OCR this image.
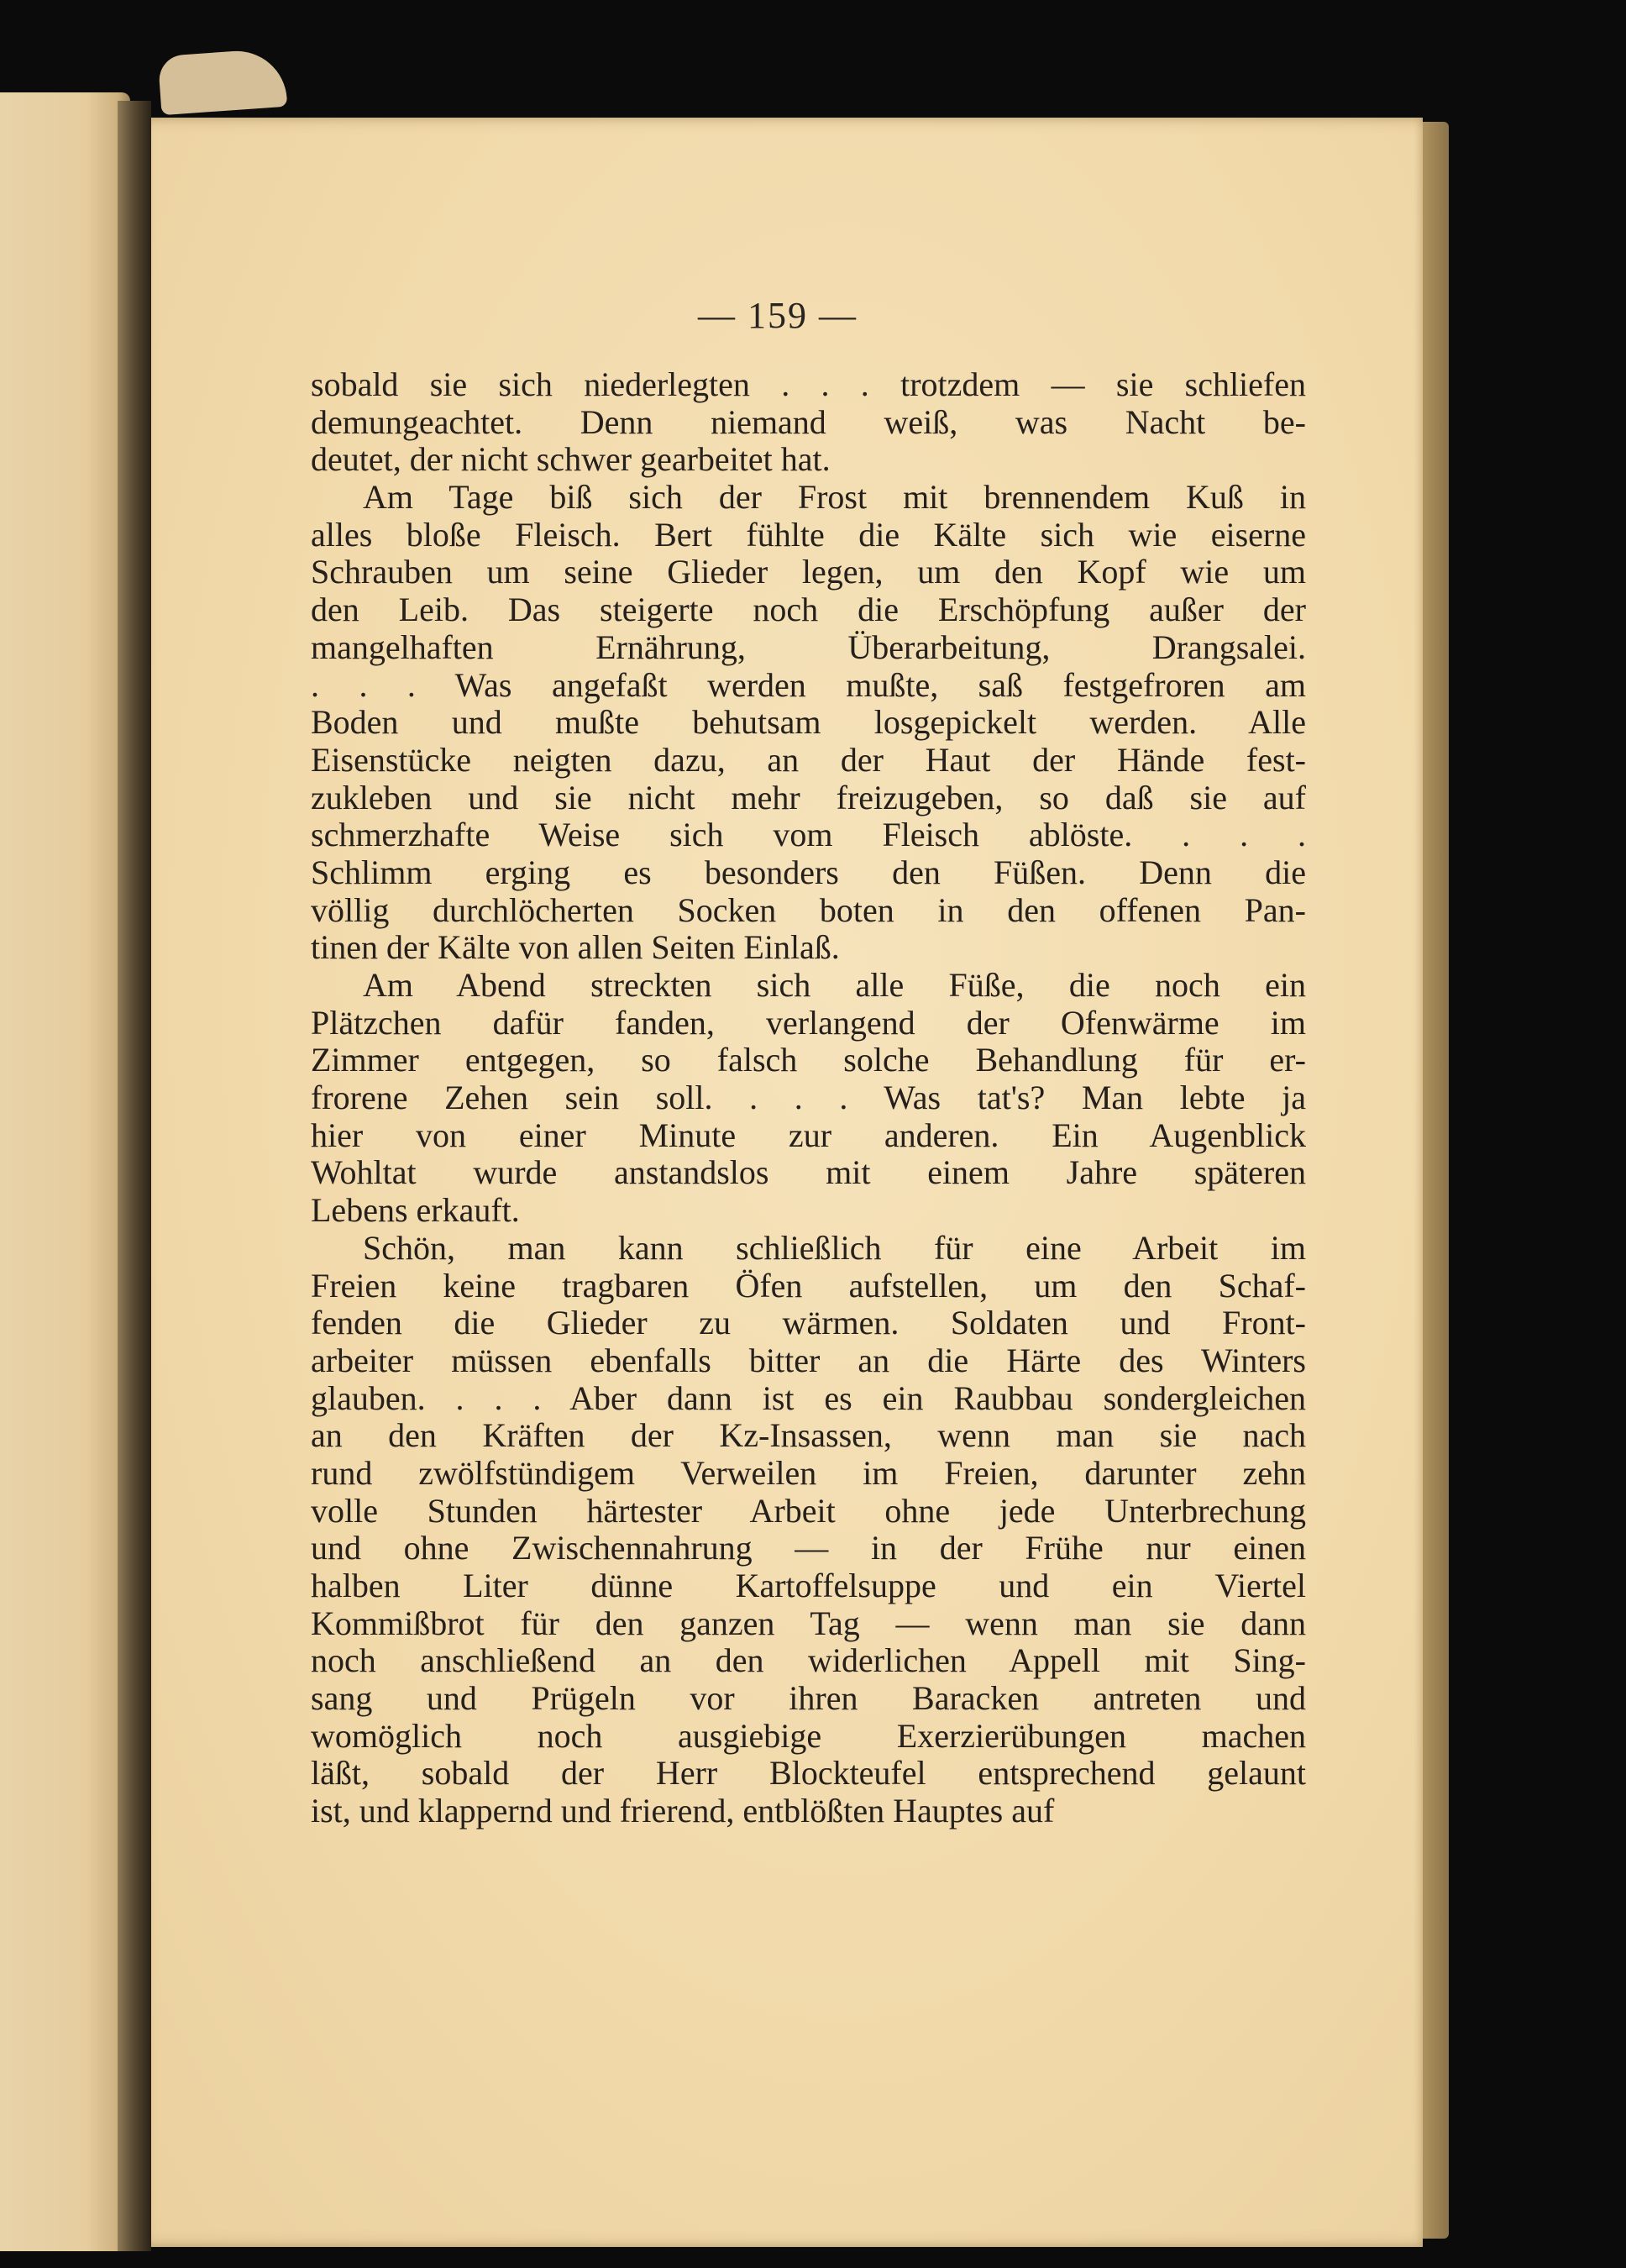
— 159 —
sobald sie sich niederlegten . . . trotzdem — sie schliefen
demungeachtet. Denn niemand weiß, was Nacht be-
deutet, der nicht schwer gearbeitet hat.
Am Tage biß sich der Frost mit brennendem Kuß in
alles bloße Fleisch. Bert fühlte die Kälte sich wie eiserne
Schrauben um seine Glieder legen, um den Kopf wie um
den Leib. Das steigerte noch die Erschöpfung außer der
mangelhaften Ernährung, Überarbeitung, Drangsalei.
. . . Was angefaßt werden mußte, saß festgefroren am
Boden und mußte behutsam losgepickelt werden. Alle
Eisenstücke neigten dazu, an der Haut der Hände fest-
zukleben und sie nicht mehr freizugeben, so daß sie auf
schmerzhafte Weise sich vom Fleisch ablöste. . . .
Schlimm erging es besonders den Füßen. Denn die
völlig durchlöcherten Socken boten in den offenen Pan-
tinen der Kälte von allen Seiten Einlaß.
Am Abend streckten sich alle Füße, die noch ein
Plätzchen dafür fanden, verlangend der Ofenwärme im
Zimmer entgegen, so falsch solche Behandlung für er-
frorene Zehen sein soll. . . . Was tat's? Man lebte ja
hier von einer Minute zur anderen. Ein Augenblick
Wohltat wurde anstandslos mit einem Jahre späteren
Lebens erkauft.
Schön, man kann schließlich für eine Arbeit im
Freien keine tragbaren Öfen aufstellen, um den Schaf-
fenden die Glieder zu wärmen. Soldaten und Front-
arbeiter müssen ebenfalls bitter an die Härte des Winters
glauben. . . . Aber dann ist es ein Raubbau sondergleichen
an den Kräften der Kz-Insassen, wenn man sie nach
rund zwölfstündigem Verweilen im Freien, darunter zehn
volle Stunden härtester Arbeit ohne jede Unterbrechung
und ohne Zwischennahrung — in der Frühe nur einen
halben Liter dünne Kartoffelsuppe und ein Viertel
Kommißbrot für den ganzen Tag — wenn man sie dann
noch anschließend an den widerlichen Appell mit Sing-
sang und Prügeln vor ihren Baracken antreten und
womöglich noch ausgiebige Exerzierübungen machen
läßt, sobald der Herr Blockteufel entsprechend gelaunt
ist, und klappernd und frierend, entblößten Hauptes auf
